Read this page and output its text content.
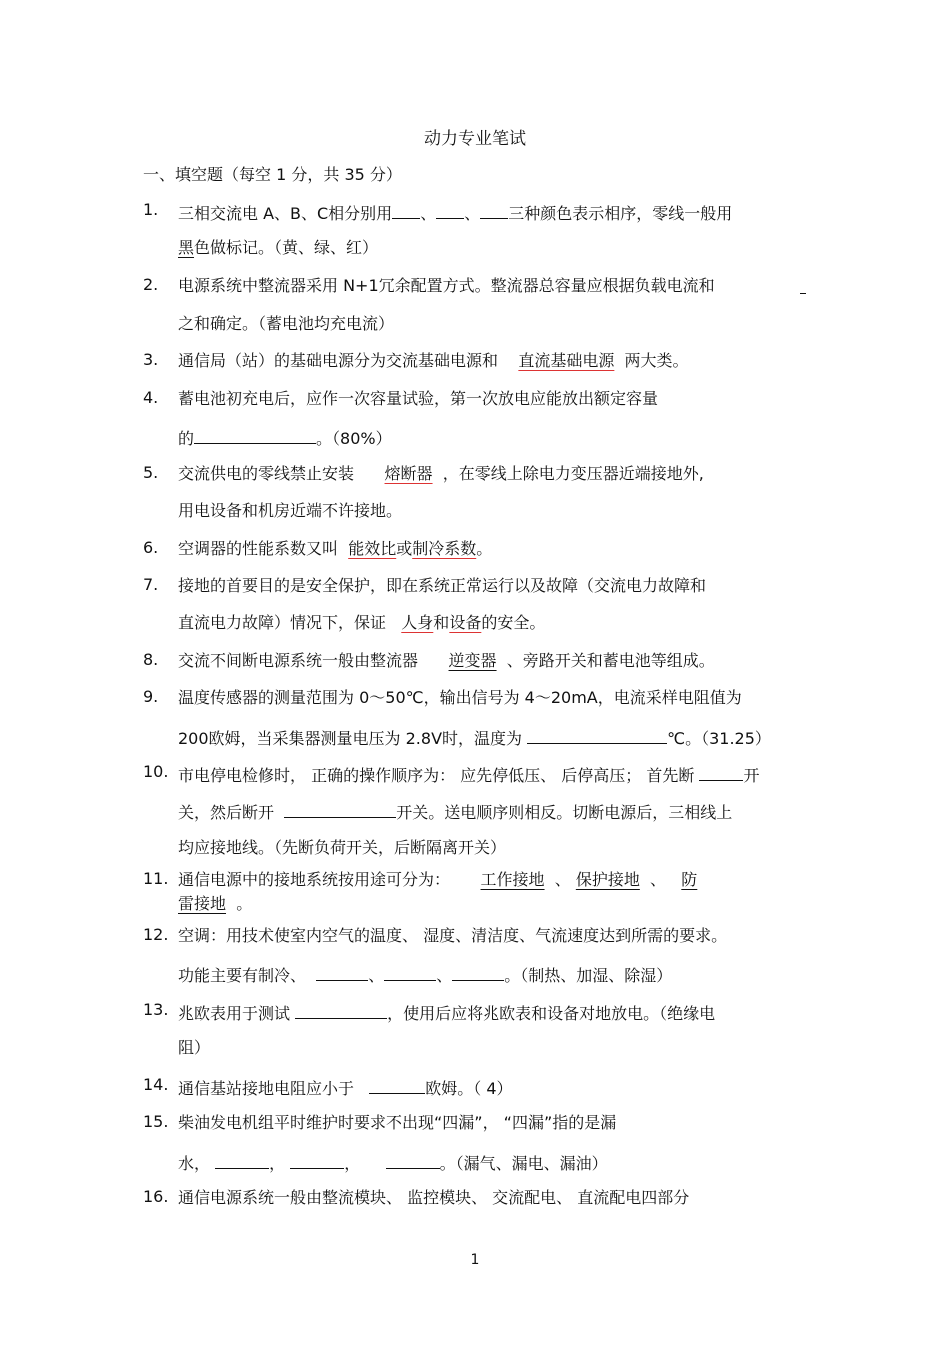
动力专业笔试
一、填空题（每空 1 分，共 35 分）
1. 三相交流电 A、B、C相分别用 、 、 三种颜色表示相序，零线一般用
黑色做标记。（黄、绿、红）
2. 电源系统中整流器采用 N+1冗余配置方式。整流器总容量应根据负载电流和
之和确定。（蓄电池均充电流）
3. 通信局（站）的基础电源分为交流基础电源和 直流基础电源 两大类。
4. 蓄电池初充电后，应作一次容量试验，第一次放电应能放出额定容量
的	。（80%）
5. 交流供电的零线禁止安装 熔断器 ，在零线上除电力变压器近端接地外,
用电设备和机房近端不许接地。
6. 空调器的性能系数又叫 能效比或制冷系数。
7. 接地的首要目的是安全保护，即在系统正常运行以及故障（交流电力故障和
直流电力故障）情况下，保证 人身和设备的安全。
8. 交流不间断电源系统一般由整流器 逆变器 、旁路开关和蓄电池等组成。
9. 温度传感器的测量范围为 0～50℃，输出信号为 4～20mA，电流采样电阻值为
200欧姆，当采集器测量电压为 2.8V时，温度为	℃。（31.25）
10. 市电停电检修时， 正确的操作顺序为： 应先停低压、 后停高压； 首先断	开
关，然后断开	开关。送电顺序则相反。切断电源后，三相线上
均应接地线。（先断负荷开关，后断隔离开关）
11. 通信电源中的接地系统按用途可分为： 工作接地 、 保护接地 、 防
雷接地 。
12. 空调：用技术使室内空气的温度、 湿度、清洁度、气流速度达到所需的要求。
功能主要有制冷、	、	、	。（制热、加湿、除湿）
13. 兆欧表用于测试	，使用后应将兆欧表和设备对地放电。（绝缘电
阻）
14. 通信基站接地电阻应小于	欧姆。（ 4）
15. 柴油发电机组平时维护时要求不出现“四漏”， “四漏”指的是漏
水，	，	，	。（漏气、漏电、漏油）
16. 通信电源系统一般由整流模块、 监控模块、 交流配电、 直流配电四部分
1
